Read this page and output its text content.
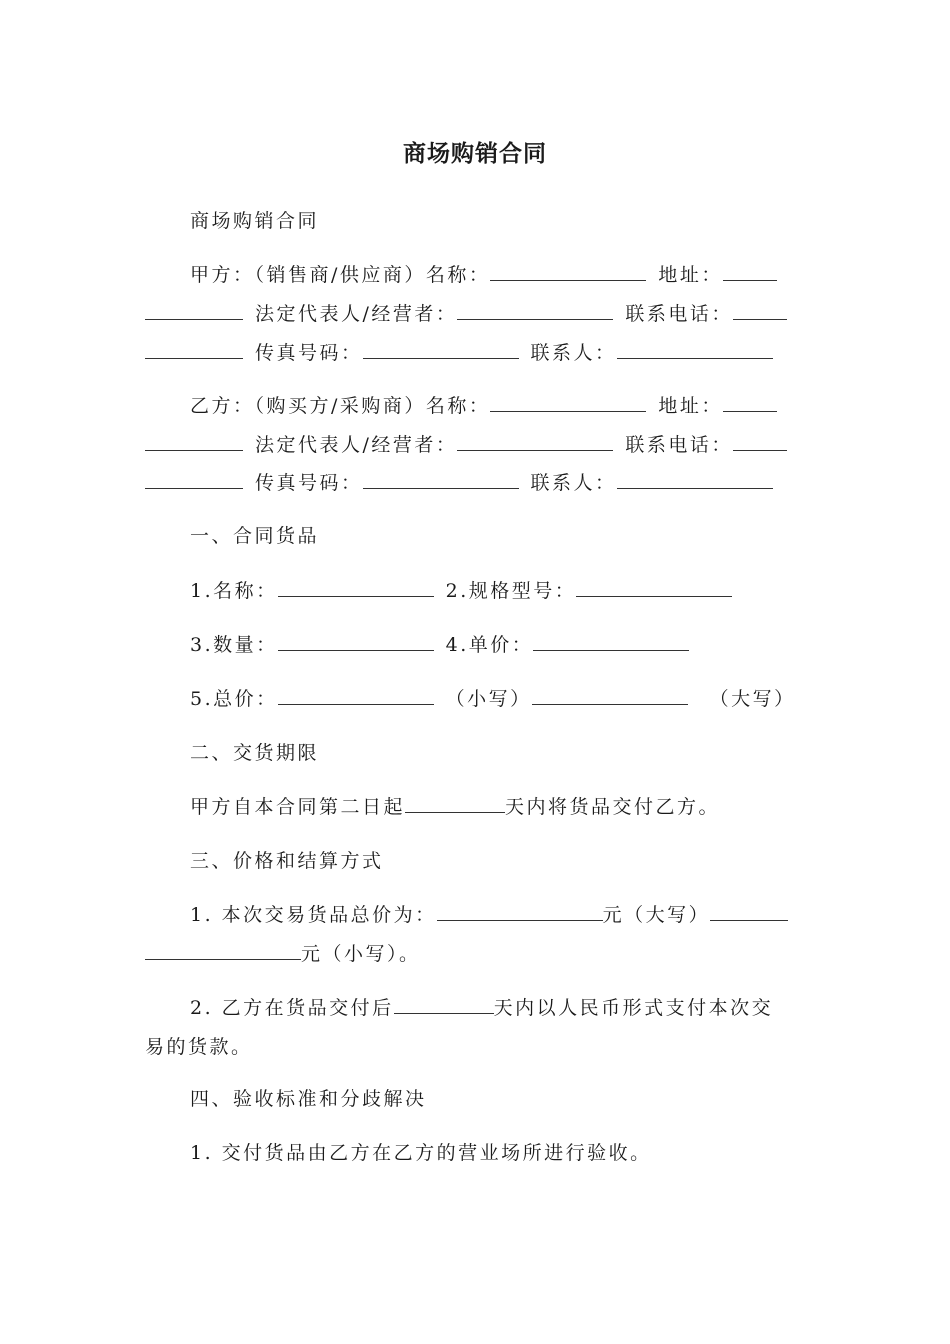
商场购销合同
商场购销合同
甲方：（销售商/供应商）名称：	地址：
法定代表人/经营者：	联系电话：
传真号码：	联系人：
乙方：（购买方/采购商）名称：	地址：
法定代表人/经营者：	联系电话：
传真号码：	联系人：
一、合同货品
1.名称：	2.规格型号：
3.数量：	4.单价：
5.总价：	（小写）	（大写）
二、交货期限
甲方自本合同第二日起	天内将货品交付乙方。
三、价格和结算方式
1. 本次交易货品总价为：	元（大写）
元（小写）。
2. 乙方在货品交付后	天内以人民币形式支付本次交
易的货款。
四、验收标准和分歧解决
1. 交付货品由乙方在乙方的营业场所进行验收。
